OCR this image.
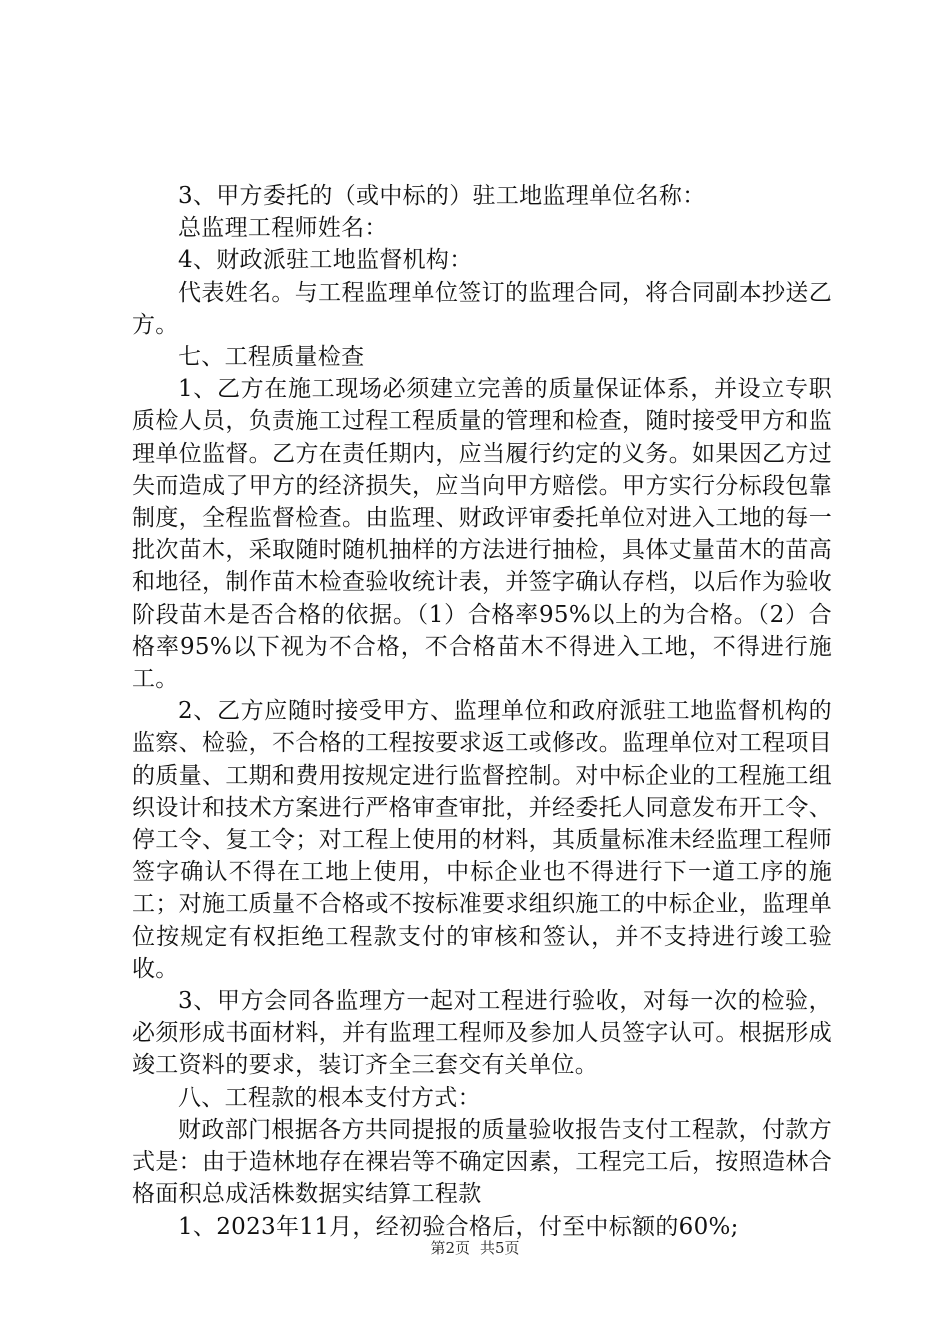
3、甲方委托的（或中标的）驻工地监理单位名称：

总监理工程师姓名：

4、财政派驻工地监督机构：

代表姓名。与工程监理单位签订的监理合同，将合同副本抄送乙方。

七、工程质量检查

1、乙方在施工现场必须建立完善的质量保证体系，并设立专职质检人员，负责施工过程工程质量的管理和检查，随时接受甲方和监理单位监督。乙方在责任期内，应当履行约定的义务。如果因乙方过失而造成了甲方的经济损失，应当向甲方赔偿。甲方实行分标段包靠制度，全程监督检查。由监理、财政评审委托单位对进入工地的每一批次苗木，采取随时随机抽样的方法进行抽检，具体丈量苗木的苗高和地径，制作苗木检查验收统计表，并签字确认存档，以后作为验收阶段苗木是否合格的依据。（1）合格率95%以上的为合格。（2）合格率95%以下视为不合格，不合格苗木不得进入工地，不得进行施工。

2、乙方应随时接受甲方、监理单位和政府派驻工地监督机构的监察、检验，不合格的工程按要求返工或修改。监理单位对工程项目的质量、工期和费用按规定进行监督控制。对中标企业的工程施工组织设计和技术方案进行严格审查审批，并经委托人同意发布开工令、停工令、复工令；对工程上使用的材料，其质量标准未经监理工程师签字确认不得在工地上使用，中标企业也不得进行下一道工序的施工；对施工质量不合格或不按标准要求组织施工的中标企业，监理单位按规定有权拒绝工程款支付的审核和签认，并不支持进行竣工验收。

3、甲方会同各监理方一起对工程进行验收，对每一次的检验，必须形成书面材料，并有监理工程师及参加人员签字认可。根据形成竣工资料的要求，装订齐全三套交有关单位。

八、工程款的根本支付方式：

财政部门根据各方共同提报的质量验收报告支付工程款，付款方式是：由于造林地存在裸岩等不确定因素，工程完工后，按照造林合格面积总成活株数据实结算工程款

1、2023年11月，经初验合格后，付至中标额的60%;

第2页 共5页
